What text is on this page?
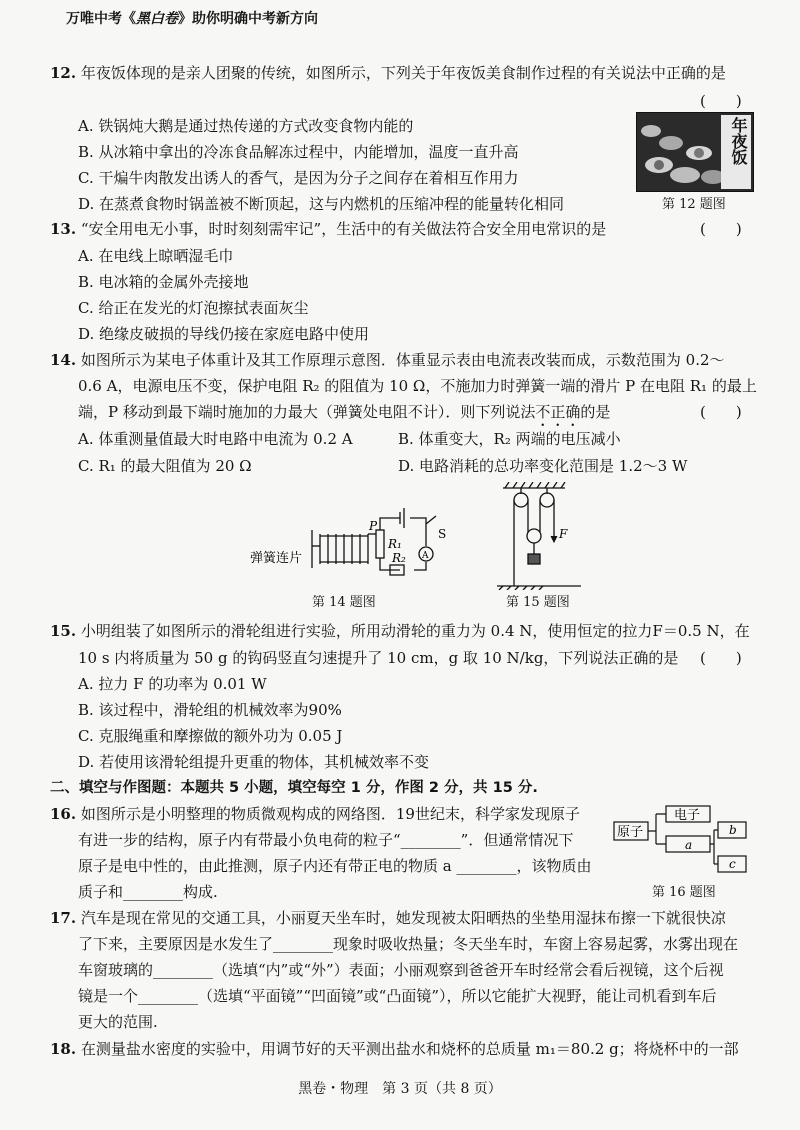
万唯中考《黑白卷》助你明确中考新方向
12. 年夜饭体现的是亲人团聚的传统，如图所示，下列关于年夜饭美食制作过程的有关说法中正确的是
(　　)
A. 铁锅炖大鹅是通过热传递的方式改变食物内能的
B. 从冰箱中拿出的冷冻食品解冻过程中，内能增加，温度一直升高
C. 干煸牛肉散发出诱人的香气，是因为分子之间存在着相互作用力
D. 在蒸煮食物时锅盖被不断顶起，这与内燃机的压缩冲程的能量转化相同
年夜饭
第 12 题图
13. “安全用电无小事，时时刻刻需牢记”，生活中的有关做法符合安全用电常识的是	(　　)
A. 在电线上晾晒湿毛巾
B. 电冰箱的金属外壳接地
C. 给正在发光的灯泡擦拭表面灰尘
D. 绝缘皮破损的导线仍接在家庭电路中使用
14. 如图所示为某电子体重计及其工作原理示意图．体重显示表由电流表改装而成，示数范围为 0.2～
0.6 A，电源电压不变，保护电阻 R₂ 的阻值为 10 Ω，不施加力时弹簧一端的滑片 P 在电阻 R₁ 的最上
端，P 移动到最下端时施加的力最大（弹簧处电阻不计）．则下列说法不正确的是	(　　)
A. 体重测量值最大时电路中电流为 0.2 A	B. 体重变大，R₂ 两端的电压减小
C. R₁ 的最大阻值为 20 Ω	D. 电路消耗的总功率变化范围是 1.2～3 W
弹簧连片
P
R₁
R₂
S
A
第 14 题图
F
第 15 题图
15. 小明组装了如图所示的滑轮组进行实验，所用动滑轮的重力为 0.4 N，使用恒定的拉力F＝0.5 N，在
10 s 内将质量为 50 g 的钩码竖直匀速提升了 10 cm，g 取 10 N/kg，下列说法正确的是 (　　)
A. 拉力 F 的功率为 0.01 W
B. 该过程中，滑轮组的机械效率为90%
C. 克服绳重和摩擦做的额外功为 0.05 J
D. 若使用该滑轮组提升更重的物体，其机械效率不变
二、填空与作图题：本题共 5 小题，填空每空 1 分，作图 2 分，共 15 分.
16. 如图所示是小明整理的物质微观构成的网络图．19世纪末，科学家发现原子
有进一步的结构，原子内有带最小负电荷的粒子“________”．但通常情况下
原子是电中性的，由此推测，原子内还有带正电的物质 a ________，该物质由
质子和________构成.
原子
电子
a
b
c
第 16 题图
17. 汽车是现在常见的交通工具，小丽夏天坐车时，她发现被太阳晒热的坐垫用湿抹布擦一下就很快凉
了下来，主要原因是水发生了________现象时吸收热量；冬天坐车时，车窗上容易起雾，水雾出现在
车窗玻璃的________（选填“内”或“外”）表面；小丽观察到爸爸开车时经常会看后视镜，这个后视
镜是一个________（选填“平面镜”“凹面镜”或“凸面镜”），所以它能扩大视野，能让司机看到车后
更大的范围.
18. 在测量盐水密度的实验中，用调节好的天平测出盐水和烧杯的总质量 m₁＝80.2 g；将烧杯中的一部
黑卷・物理　第 3 页（共 8 页）
